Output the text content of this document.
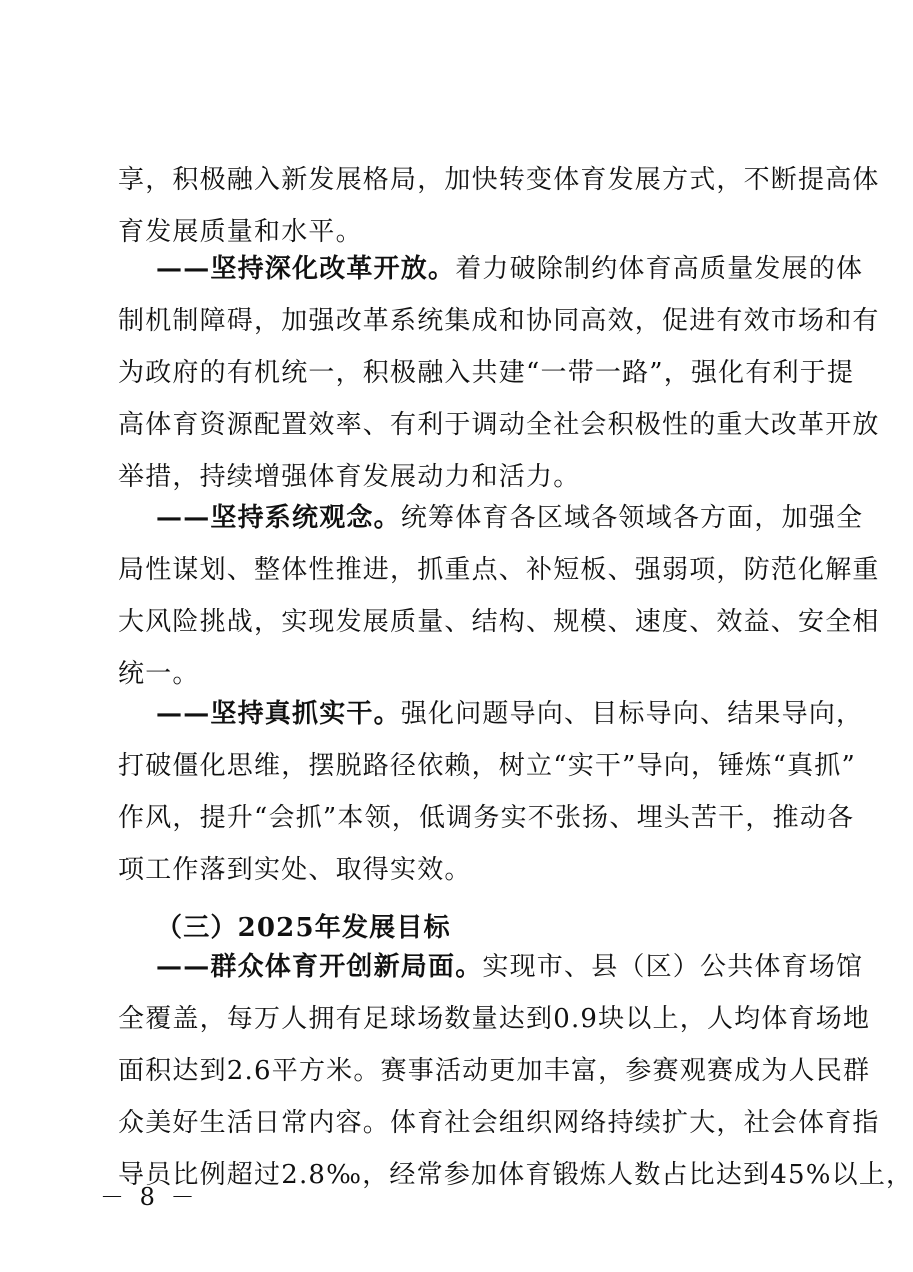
享，积极融入新发展格局，加快转变体育发展方式，不断提高体
育发展质量和水平。
——坚持深化改革开放。着力破除制约体育高质量发展的体
制机制障碍，加强改革系统集成和协同高效，促进有效市场和有
为政府的有机统一，积极融入共建“一带一路”，强化有利于提
高体育资源配置效率、有利于调动全社会积极性的重大改革开放
举措，持续增强体育发展动力和活力。
——坚持系统观念。统筹体育各区域各领域各方面，加强全
局性谋划、整体性推进，抓重点、补短板、强弱项，防范化解重
大风险挑战，实现发展质量、结构、规模、速度、效益、安全相
统一。
——坚持真抓实干。强化问题导向、目标导向、结果导向，
打破僵化思维，摆脱路径依赖，树立“实干”导向，锤炼“真抓”
作风，提升“会抓”本领，低调务实不张扬、埋头苦干，推动各
项工作落到实处、取得实效。
（三）2025年发展目标
——群众体育开创新局面。实现市、县（区）公共体育场馆
全覆盖，每万人拥有足球场数量达到0.9块以上，人均体育场地
面积达到2.6平方米。赛事活动更加丰富，参赛观赛成为人民群
众美好生活日常内容。体育社会组织网络持续扩大，社会体育指
导员比例超过2.8‰，经常参加体育锻炼人数占比达到45%以上，
－ 8 －
